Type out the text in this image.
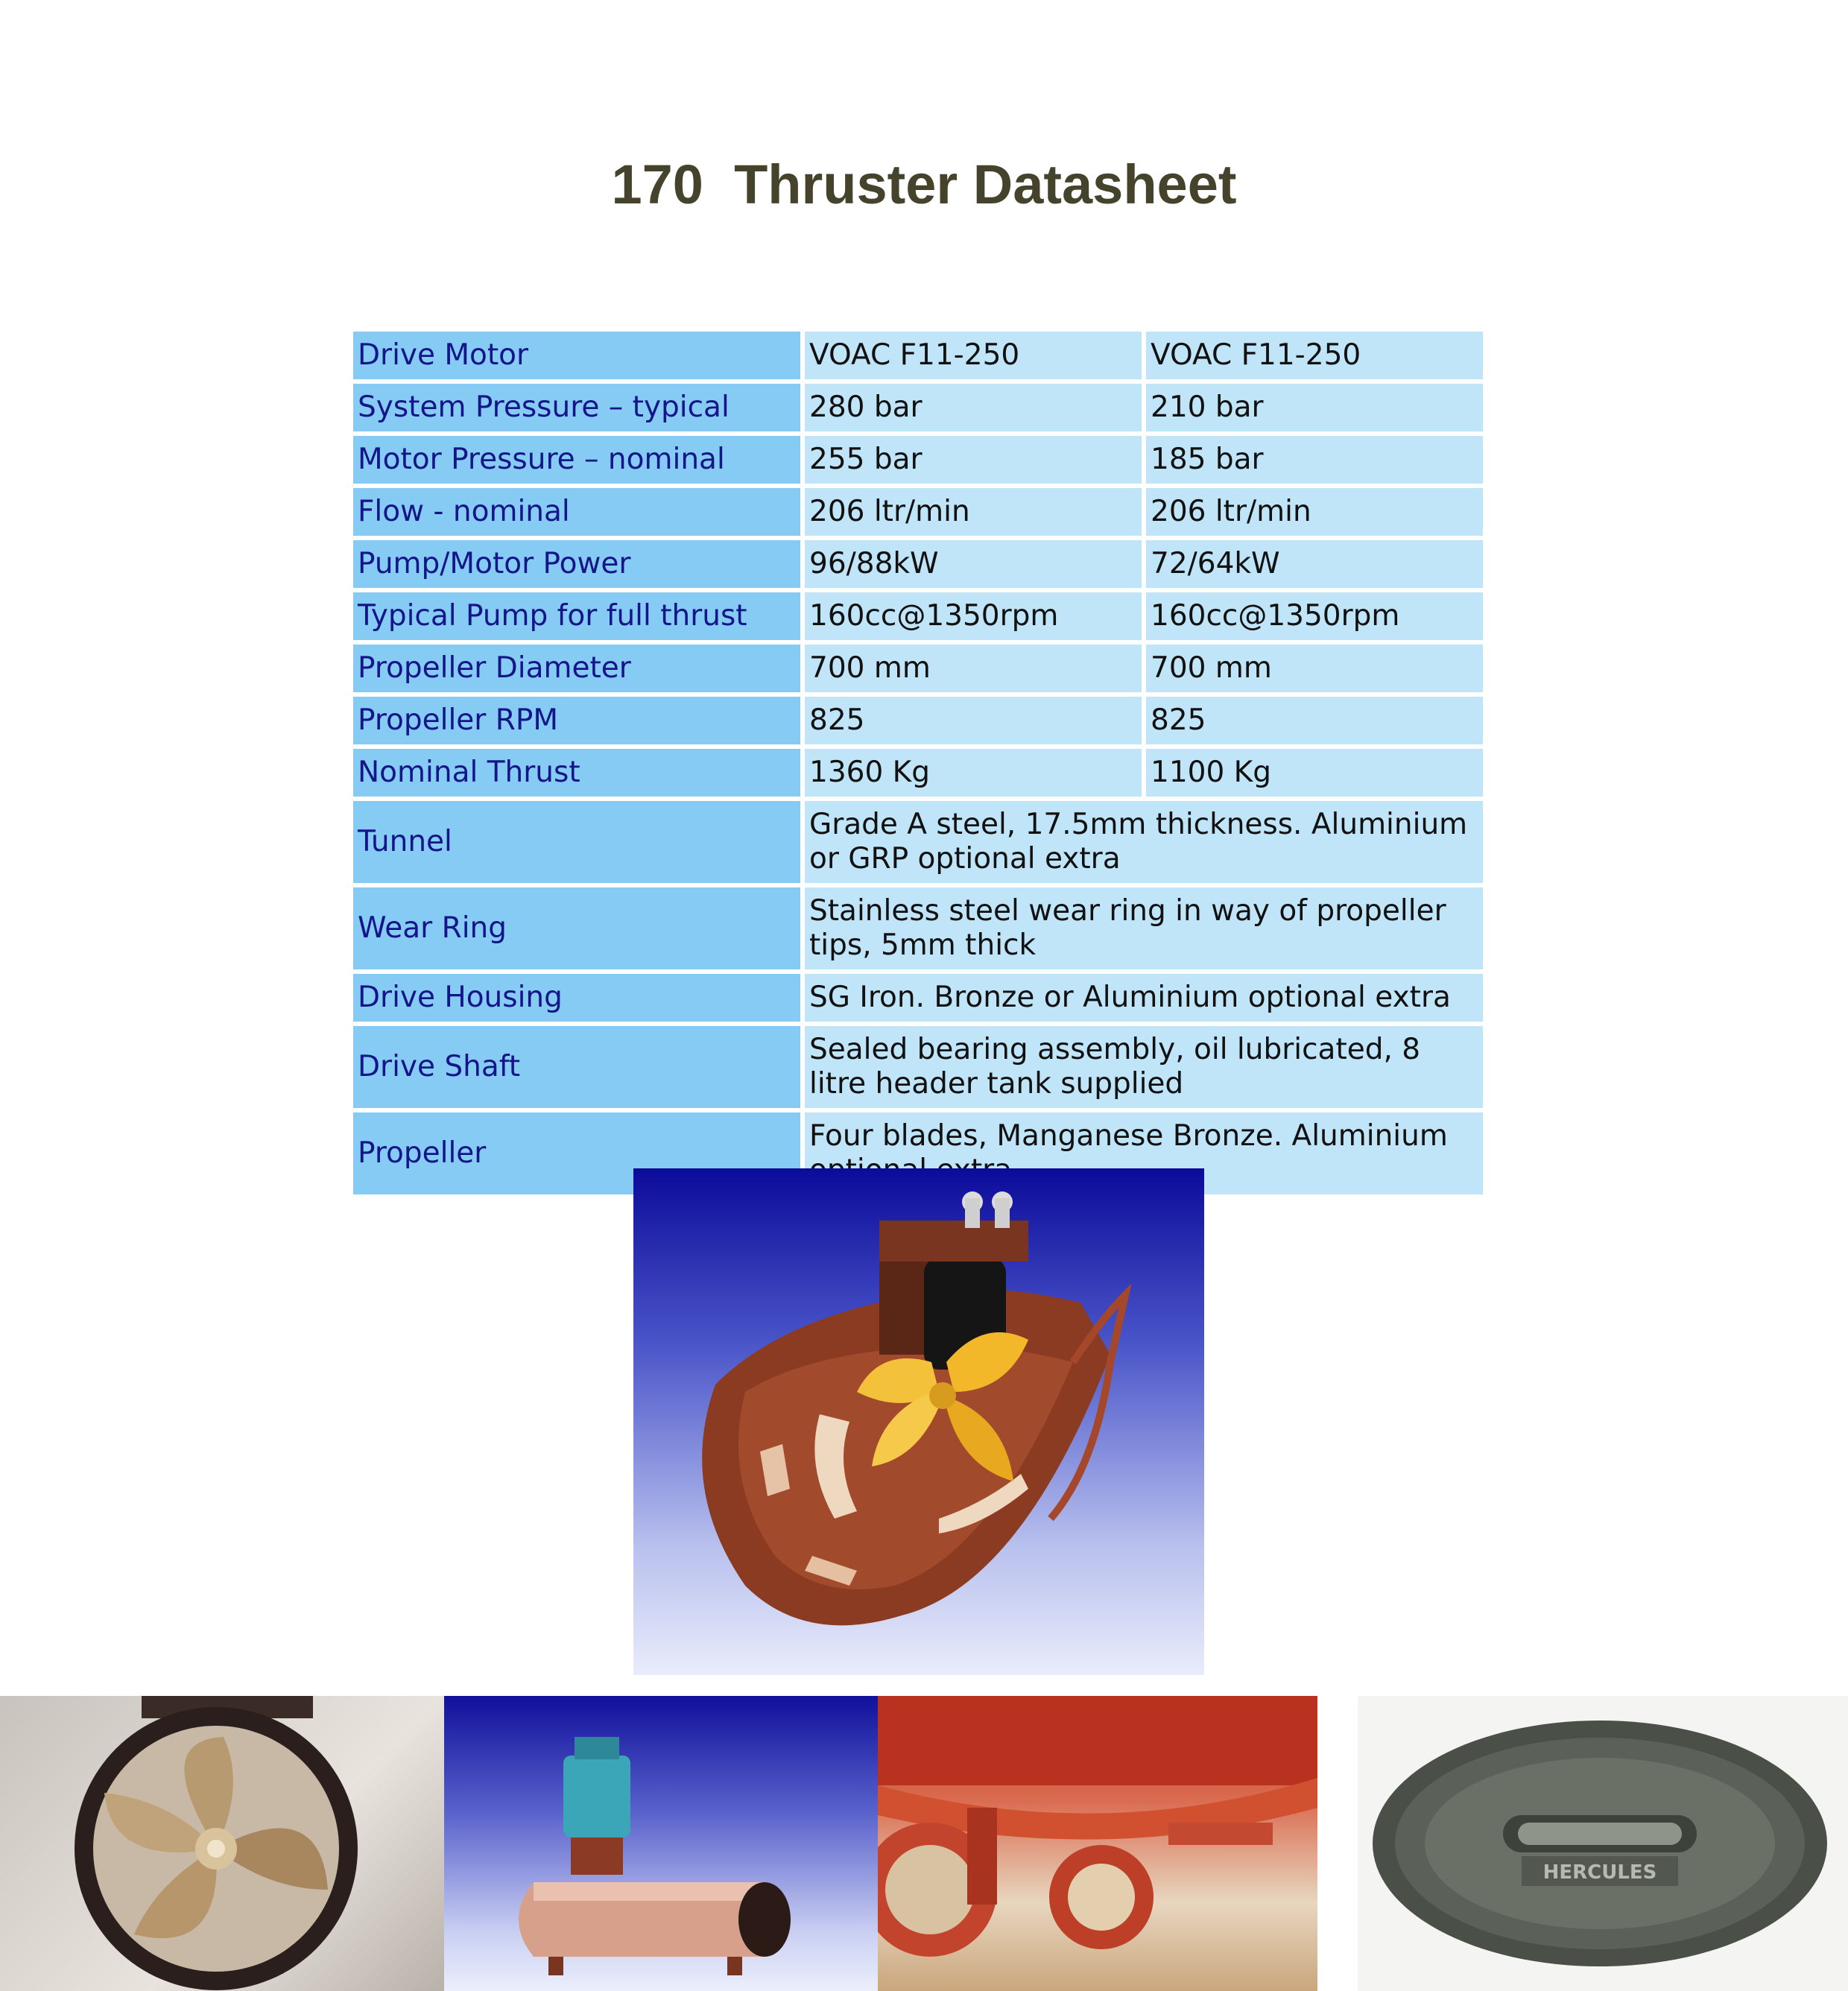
170  Thruster Datasheet
Drive Motor	VOAC F11-250	VOAC F11-250
System Pressure – typical	280 bar	210 bar
Motor Pressure – nominal	255 bar	185 bar
Flow - nominal	206 ltr/min	206 ltr/min
Pump/Motor Power	96/88kW	72/64kW
Typical Pump for full thrust	160cc@1350rpm	160cc@1350rpm
Propeller Diameter	700 mm	700 mm
Propeller RPM	825	825
Nominal Thrust	1360 Kg	1100 Kg
Tunnel	Grade A steel, 17.5mm thickness. Aluminium or GRP optional extra	
Wear Ring	Stainless steel wear ring in way of propeller tips, 5mm thick	
Drive Housing	SG Iron. Bronze or Aluminium optional extra	
Drive Shaft	Sealed bearing assembly, oil lubricated, 8 litre header tank supplied	
Propeller	Four blades, Manganese Bronze. Aluminium	
HERCULES
